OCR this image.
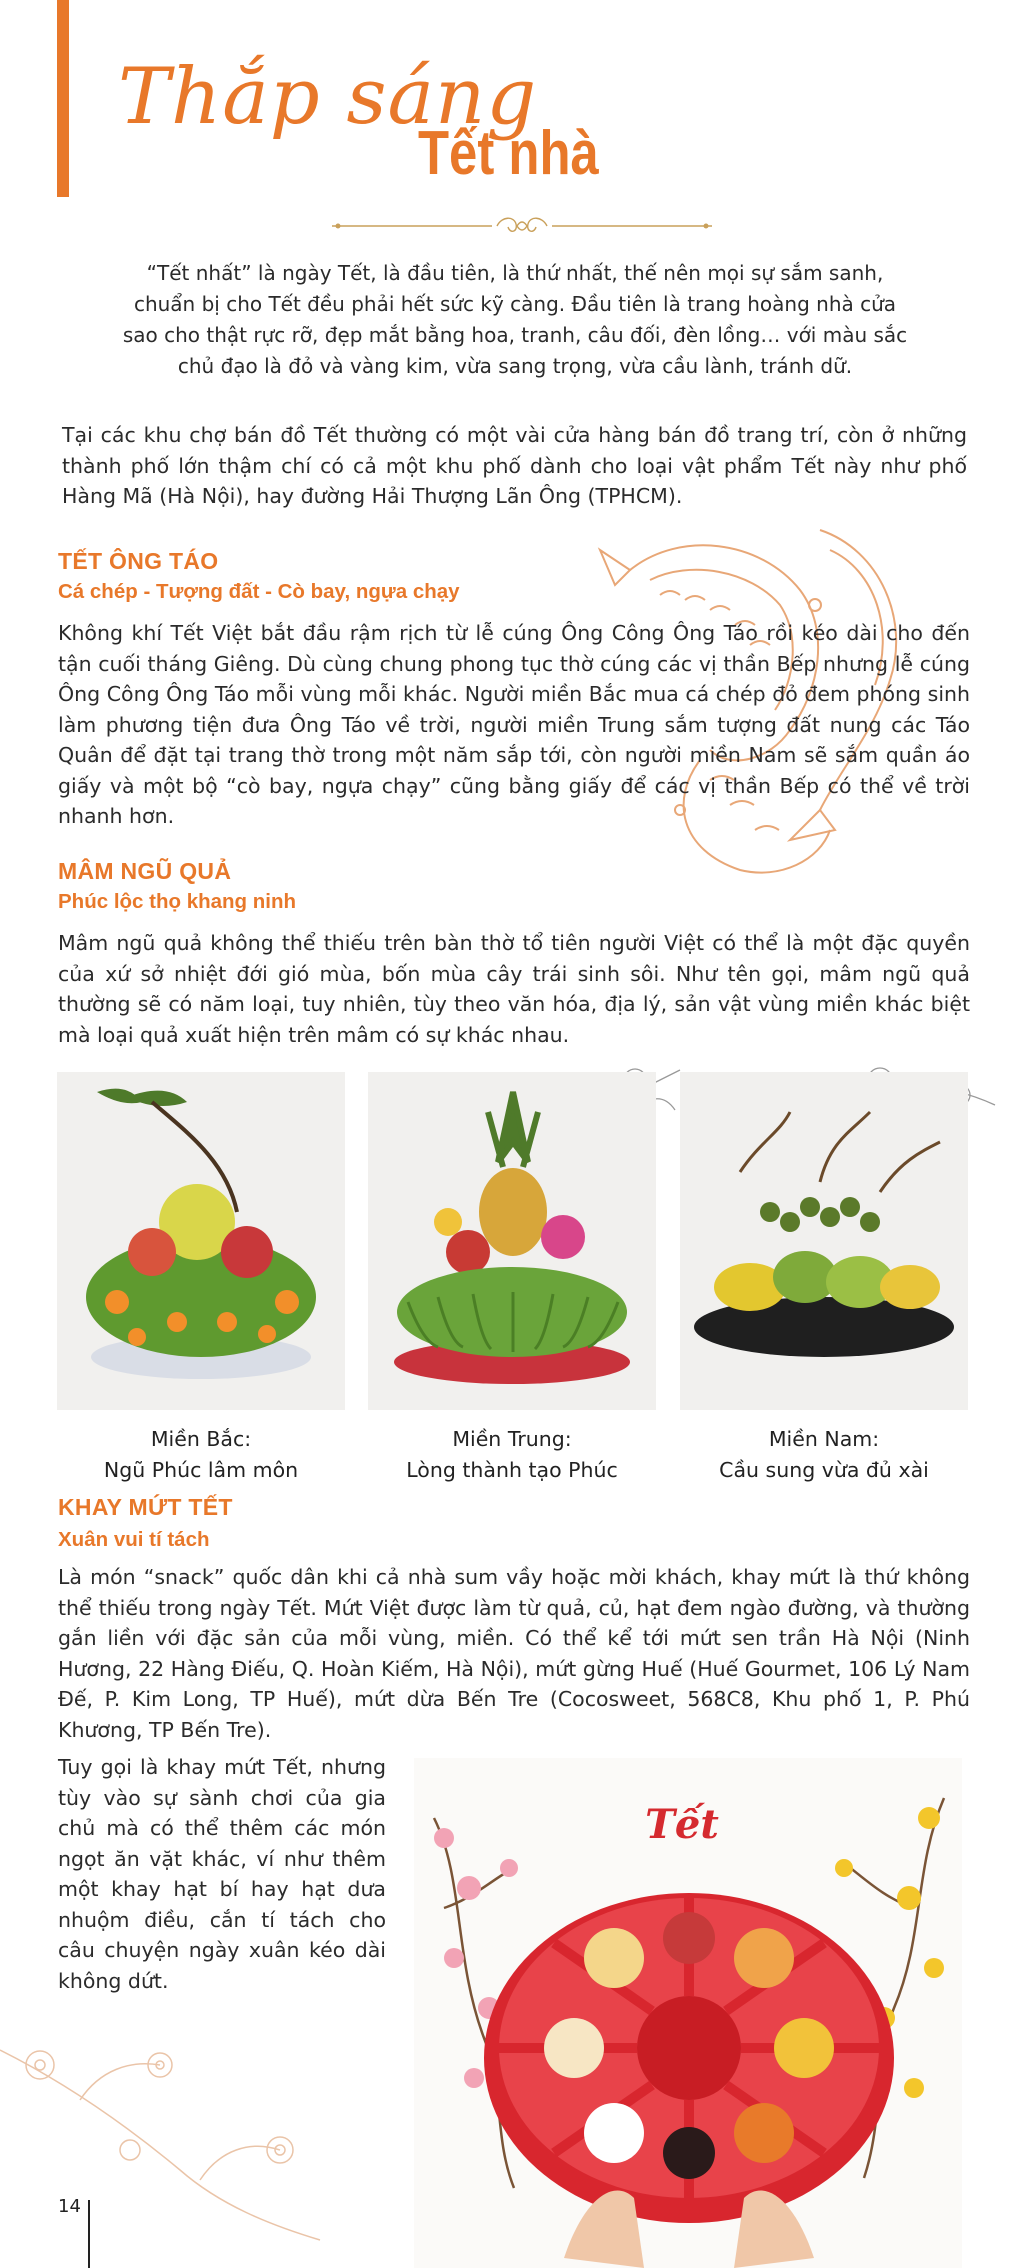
Thắp sáng
Tết nhà

“Tết nhất” là ngày Tết, là đầu tiên, là thứ nhất, thế nên mọi sự sắm sanh, chuẩn bị cho Tết đều phải hết sức kỹ càng. Đầu tiên là trang hoàng nhà cửa sao cho thật rực rỡ, đẹp mắt bằng hoa, tranh, câu đối, đèn lồng… với màu sắc chủ đạo là đỏ và vàng kim, vừa sang trọng, vừa cầu lành, tránh dữ.

Tại các khu chợ bán đồ Tết thường có một vài cửa hàng bán đồ trang trí, còn ở những thành phố lớn thậm chí có cả một khu phố dành cho loại vật phẩm Tết này như phố Hàng Mã (Hà Nội), hay đường Hải Thượng Lãn Ông (TPHCM).

TẾT ÔNG TÁO
Cá chép - Tượng đất - Cò bay, ngựa chạy

Không khí Tết Việt bắt đầu rậm rịch từ lễ cúng Ông Công Ông Táo rồi kéo dài cho đến tận cuối tháng Giêng. Dù cùng chung phong tục thờ cúng các vị thần Bếp nhưng lễ cúng Ông Công Ông Táo mỗi vùng mỗi khác. Người miền Bắc mua cá chép đỏ đem phóng sinh làm phương tiện đưa Ông Táo về trời, người miền Trung sắm tượng đất nung các Táo Quân để đặt tại trang thờ trong một năm sắp tới, còn người miền Nam sẽ sắm quần áo giấy và một bộ “cò bay, ngựa chạy” cũng bằng giấy để các vị thần Bếp có thể về trời nhanh hơn.

MÂM NGŨ QUẢ
Phúc lộc thọ khang ninh

Mâm ngũ quả không thể thiếu trên bàn thờ tổ tiên người Việt có thể là một đặc quyền của xứ sở nhiệt đới gió mùa, bốn mùa cây trái sinh sôi. Như tên gọi, mâm ngũ quả thường sẽ có năm loại, tuy nhiên, tùy theo văn hóa, địa lý, sản vật vùng miền khác biệt mà loại quả xuất hiện trên mâm có sự khác nhau.

Miền Bắc:
Ngũ Phúc lâm môn
Miền Trung:
Lòng thành tạo Phúc
Miền Nam:
Cầu sung vừa đủ xài
KHAY MỨT TẾT
Xuân vui tí tách

Là món “snack” quốc dân khi cả nhà sum vầy hoặc mời khách, khay mứt là thứ không thể thiếu trong ngày Tết. Mứt Việt được làm từ quả, củ, hạt đem ngào đường, và thường gắn liền với đặc sản của mỗi vùng, miền. Có thể kể tới mứt sen trần Hà Nội (Ninh Hương, 22 Hàng Điếu, Q. Hoàn Kiếm, Hà Nội), mứt gừng Huế (Huế Gourmet, 106 Lý Nam Đế, P. Kim Long, TP Huế), mứt dừa Bến Tre (Cocosweet, 568C8, Khu phố 1, P. Phú Khương, TP Bến Tre).

Tuy gọi là khay mứt Tết, nhưng tùy vào sự sành chơi của gia chủ mà có thể thêm các món ngọt ăn vặt khác, ví như thêm một khay hạt bí hay hạt dưa nhuộm điều, cắn tí tách cho câu chuyện ngày xuân kéo dài không dứt.

Tết
14
